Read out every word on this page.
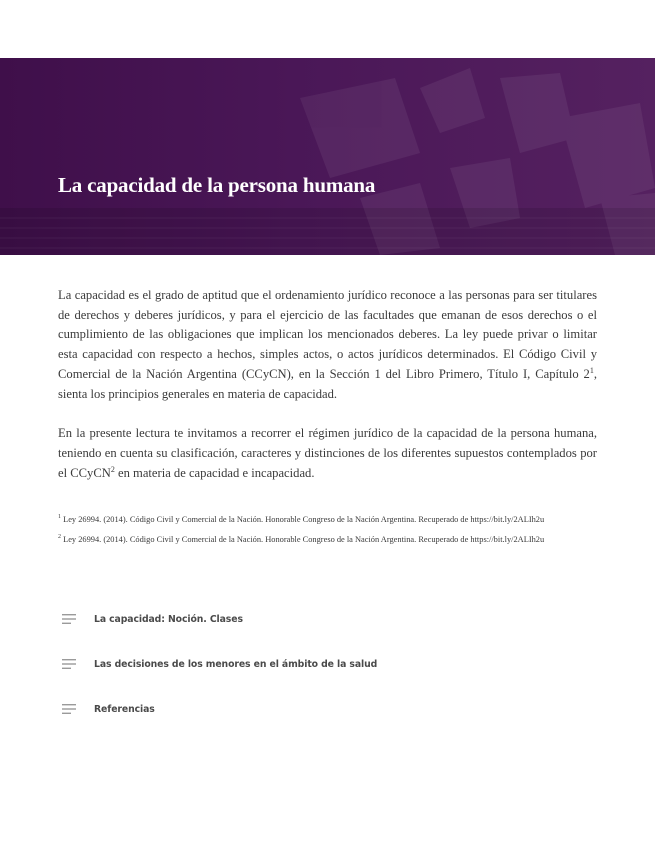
La capacidad de la persona humana

La capacidad es el grado de aptitud que el ordenamiento jurídico reconoce a las personas para ser titulares de derechos y deberes jurídicos, y para el ejercicio de las facultades que emanan de esos derechos o el cumplimiento de las obligaciones que implican los mencionados deberes. La ley puede privar o limitar esta capacidad con respecto a hechos, simples actos, o actos jurídicos determinados. El Código Civil y Comercial de la Nación Argentina (CCyCN), en la Sección 1 del Libro Primero, Título I, Capítulo $2^1$, sienta los principios generales en materia de capacidad.

En la presente lectura te invitamos a recorrer el régimen jurídico de la capacidad de la persona humana, teniendo en cuenta su clasificación, caracteres y distinciones de los diferentes supuestos contemplados por el CCyCN$^2$ en materia de capacidad e incapacidad.

$^1$ Ley 26994. (2014). Código Civil y Comercial de la Nación. Honorable Congreso de la Nación Argentina. Recuperado de https://bit.ly/2ALIh2u

$^2$ Ley 26994. (2014). Código Civil y Comercial de la Nación. Honorable Congreso de la Nación Argentina. Recuperado de https://bit.ly/2ALIh2u

La capacidad: Noción. Clases
Las decisiones de los menores en el ámbito de la salud
Referencias
